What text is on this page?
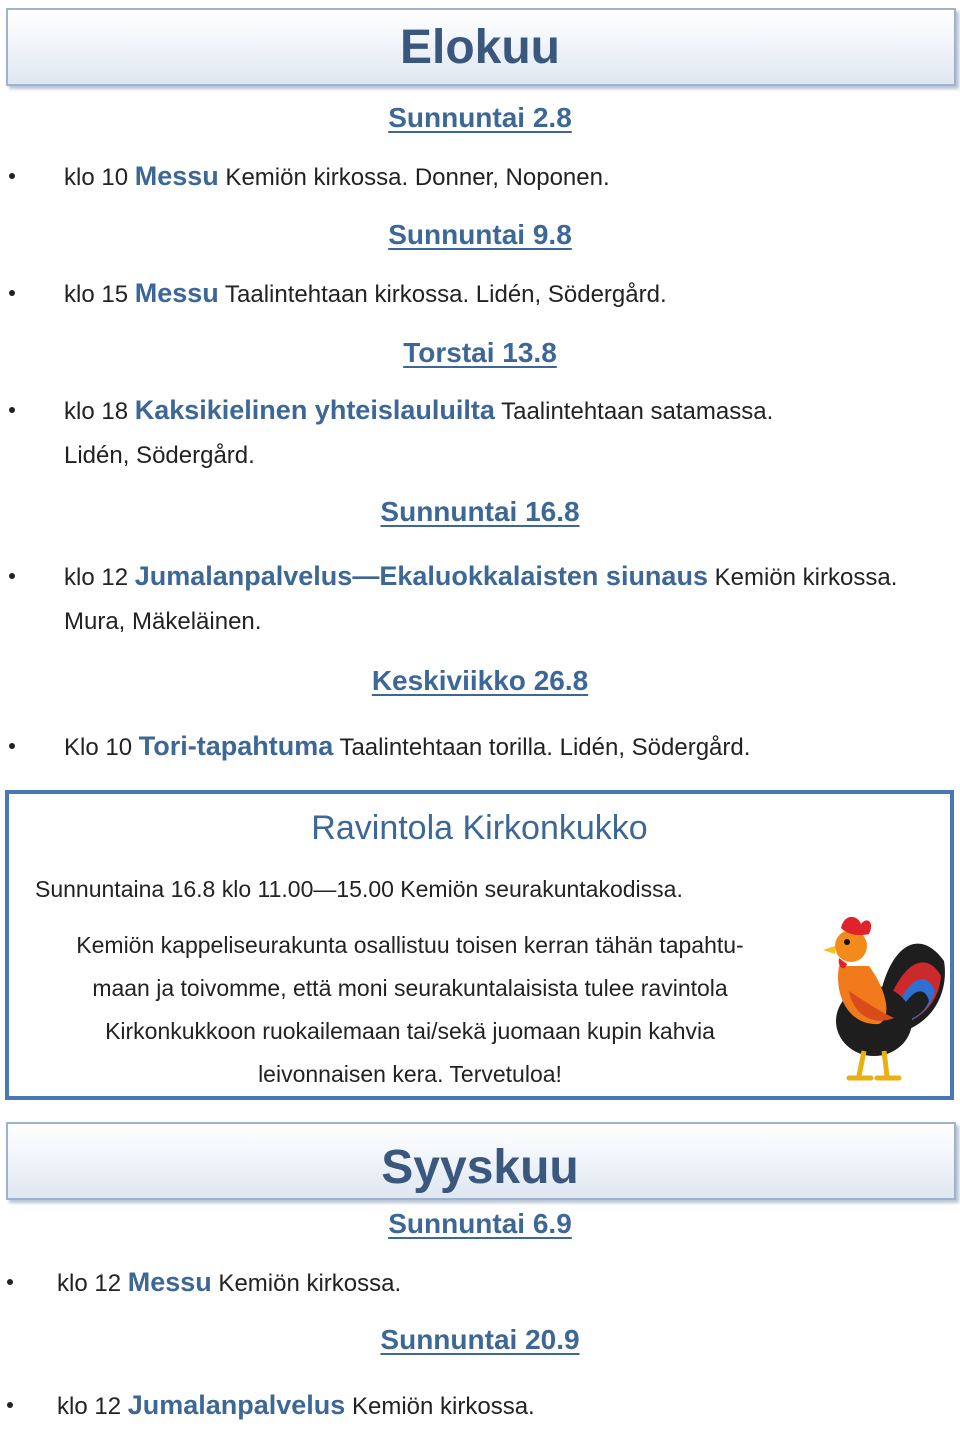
Elokuu
Sunnuntai 2.8
klo 10 Messu Kemiön kirkossa. Donner, Noponen.
Sunnuntai 9.8
klo 15 Messu Taalintehtaan kirkossa. Lidén, Södergård.
Torstai 13.8
klo 18 Kaksikielinen yhteislauluilta Taalintehtaan satamassa.
Lidén, Södergård.
Sunnuntai 16.8
klo 12 Jumalanpalvelus—Ekaluokkalaisten siunaus Kemiön kirkossa.
Mura, Mäkeläinen.
Keskiviikko 26.8
Klo 10 Tori-tapahtuma Taalintehtaan torilla. Lidén, Södergård.
Ravintola Kirkonkukko
Sunnuntaina 16.8 klo 11.00—15.00 Kemiön seurakuntakodissa.
Kemiön kappeliseurakunta osallistuu toisen kerran tähän tapahtu-
maan ja toivomme, että moni seurakuntalaisista tulee ravintola
Kirkonkukkoon ruokailemaan tai/sekä juomaan kupin kahvia
leivonnaisen kera. Tervetuloa!
Syyskuu
Sunnuntai 6.9
klo 12 Messu Kemiön kirkossa.
Sunnuntai 20.9
klo 12 Jumalanpalvelus Kemiön kirkossa.
